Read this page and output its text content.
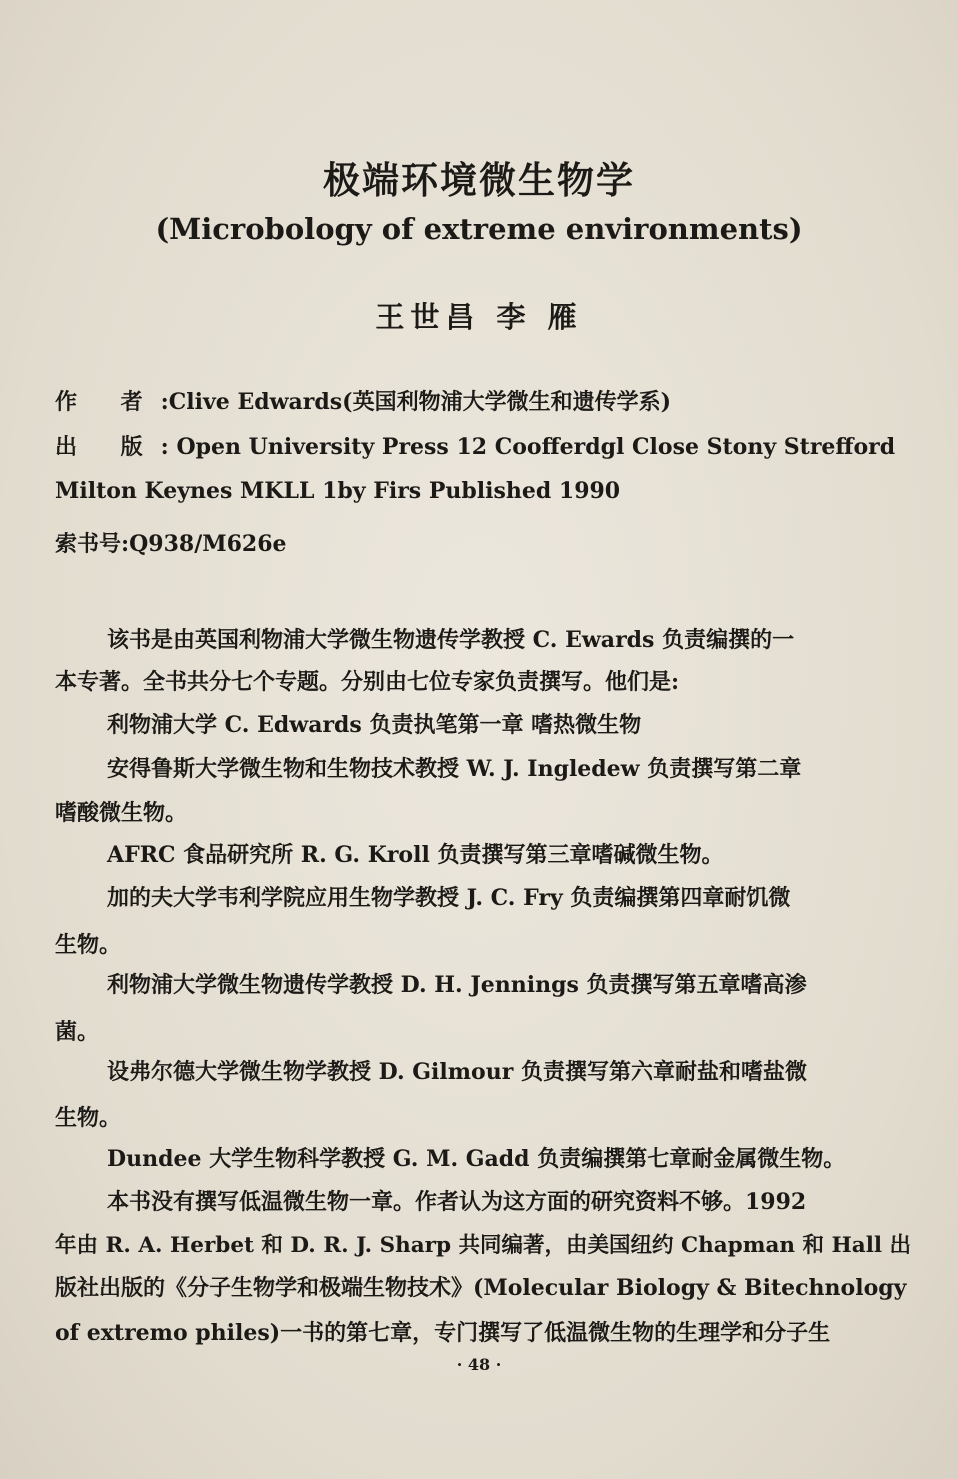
极端环境微生物学
(Microbology of extreme environments)
王世昌 李 雁
作 者:Clive Edwards(英国利物浦大学微生和遗传学系)
出 版: Open University Press 12 Coofferdgl Close Stony Strefford
Milton Keynes MKLL 1by Firs Published 1990
索书号:Q938/M626e
该书是由英国利物浦大学微生物遗传学教授 C. Ewards 负责编撰的一
本专著。全书共分七个专题。分别由七位专家负责撰写。他们是:
利物浦大学 C. Edwards 负责执笔第一章 嗜热微生物
安得鲁斯大学微生物和生物技术教授 W. J. Ingledew 负责撰写第二章
嗜酸微生物。
AFRC 食品研究所 R. G. Kroll 负责撰写第三章嗜碱微生物。
加的夫大学韦利学院应用生物学教授 J. C. Fry 负责编撰第四章耐饥微
生物。
利物浦大学微生物遗传学教授 D. H. Jennings 负责撰写第五章嗜高渗
菌。
设弗尔德大学微生物学教授 D. Gilmour 负责撰写第六章耐盐和嗜盐微
生物。
Dundee 大学生物科学教授 G. M. Gadd 负责编撰第七章耐金属微生物。
本书没有撰写低温微生物一章。作者认为这方面的研究资料不够。1992
年由 R. A. Herbet 和 D. R. J. Sharp 共同编著，由美国纽约 Chapman 和 Hall 出
版社出版的《分子生物学和极端生物技术》(Molecular Biology & Bitechnology
of extremo philes)一书的第七章，专门撰写了低温微生物的生理学和分子生
· 48 ·
